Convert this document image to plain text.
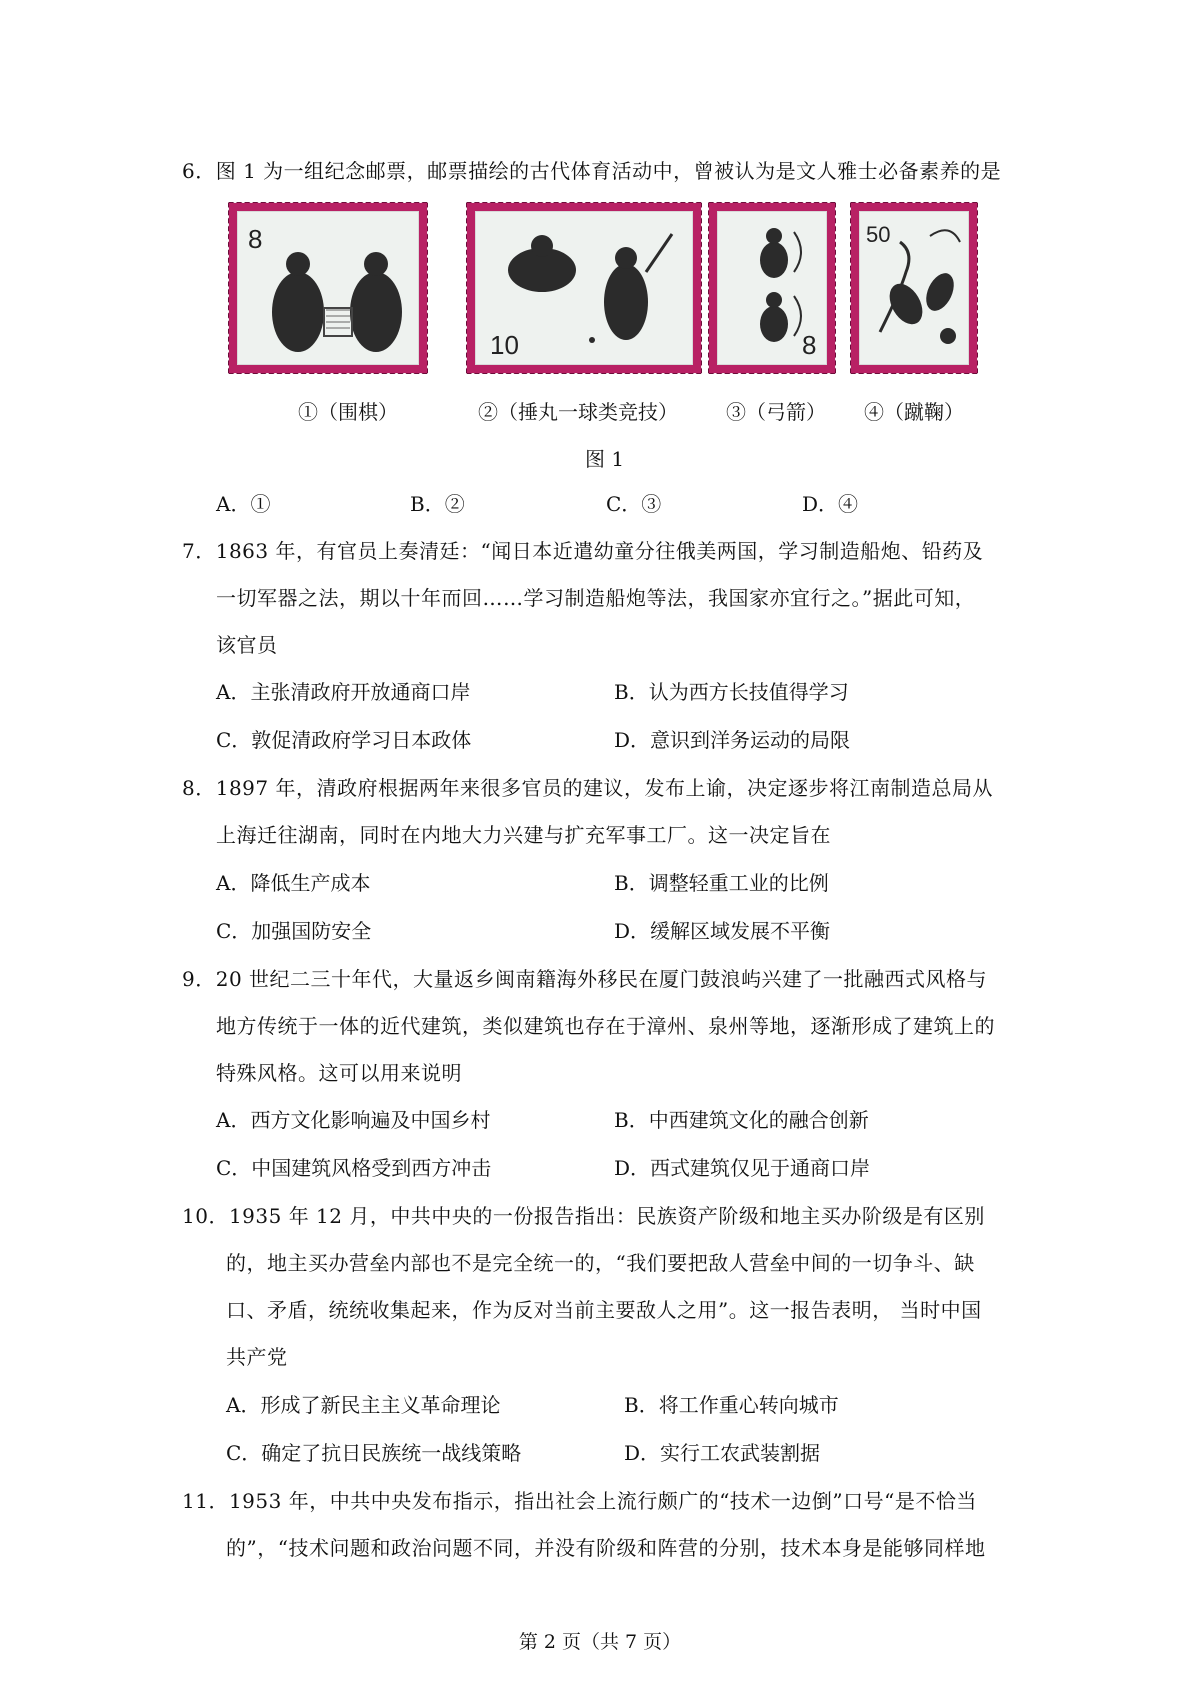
6．图 1 为一组纪念邮票，邮票描绘的古代体育活动中，曾被认为是文人雅士必备素养的是
8
10	8
50
①（围棋）	②（捶丸一球类竞技） ③（弓箭） ④（蹴鞠）
图 1
A．①	B．②	C．③	D．④
7．1863 年，有官员上奏清廷：“闻日本近遣幼童分往俄美两国，学习制造船炮、铅药及
一切军器之法，期以十年而回……学习制造船炮等法，我国家亦宜行之。”据此可知，
该官员
A．主张清政府开放通商口岸	B．认为西方长技值得学习
C．敦促清政府学习日本政体	D．意识到洋务运动的局限
8．1897 年，清政府根据两年来很多官员的建议，发布上谕，决定逐步将江南制造总局从
上海迁往湖南，同时在内地大力兴建与扩充军事工厂。这一决定旨在
A．降低生产成本	B．调整轻重工业的比例
C．加强国防安全	D．缓解区域发展不平衡
9．20 世纪二三十年代，大量返乡闽南籍海外移民在厦门鼓浪屿兴建了一批融西式风格与
地方传统于一体的近代建筑，类似建筑也存在于漳州、泉州等地，逐渐形成了建筑上的
特殊风格。这可以用来说明
A．西方文化影响遍及中国乡村	B．中西建筑文化的融合创新
C．中国建筑风格受到西方冲击	D．西式建筑仅见于通商口岸
10．1935 年 12 月，中共中央的一份报告指出：民族资产阶级和地主买办阶级是有区别
的，地主买办营垒内部也不是完全统一的，“我们要把敌人营垒中间的一切争斗、缺
口、矛盾，统统收集起来，作为反对当前主要敌人之用”。这一报告表明， 当时中国
共产党
A．形成了新民主主义革命理论	B．将工作重心转向城市
C．确定了抗日民族统一战线策略	D．实行工农武装割据
11．1953 年，中共中央发布指示，指出社会上流行颇广的“技术一边倒”口号“是不恰当
的”，“技术问题和政治问题不同，并没有阶级和阵营的分别，技术本身是能够同样地
第 2 页（共 7 页）
